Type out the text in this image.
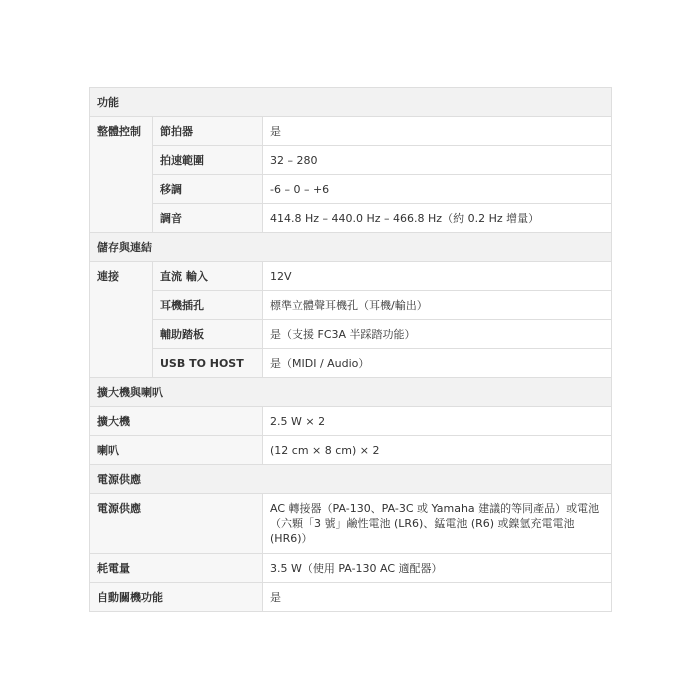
功能		
整體控制	節拍器	是
	拍速範圍	32 – 280
	移調	-6 – 0 – +6
	調音	414.8 Hz – 440.0 Hz – 466.8 Hz（約 0.2 Hz 增量）
儲存與連結		
連接	直流 輸入	12V
	耳機插孔	標準立體聲耳機孔（耳機/輸出）
	輔助踏板	是（支援 FC3A 半踩踏功能）
	USB TO HOST	是（MIDI / Audio）
擴大機與喇叭		
擴大機		2.5 W × 2
喇叭		(12 cm × 8 cm) × 2
電源供應		
電源供應		AC 轉接器（PA-130、PA-3C 或 Yamaha 建議的等同產品）或電池（六顆「3 號」鹼性電池 (LR6)、錳電池 (R6) 或鎳氫充電電池 (HR6)）
耗電量		3.5 W（使用 PA-130 AC 適配器）
自動關機功能		是
